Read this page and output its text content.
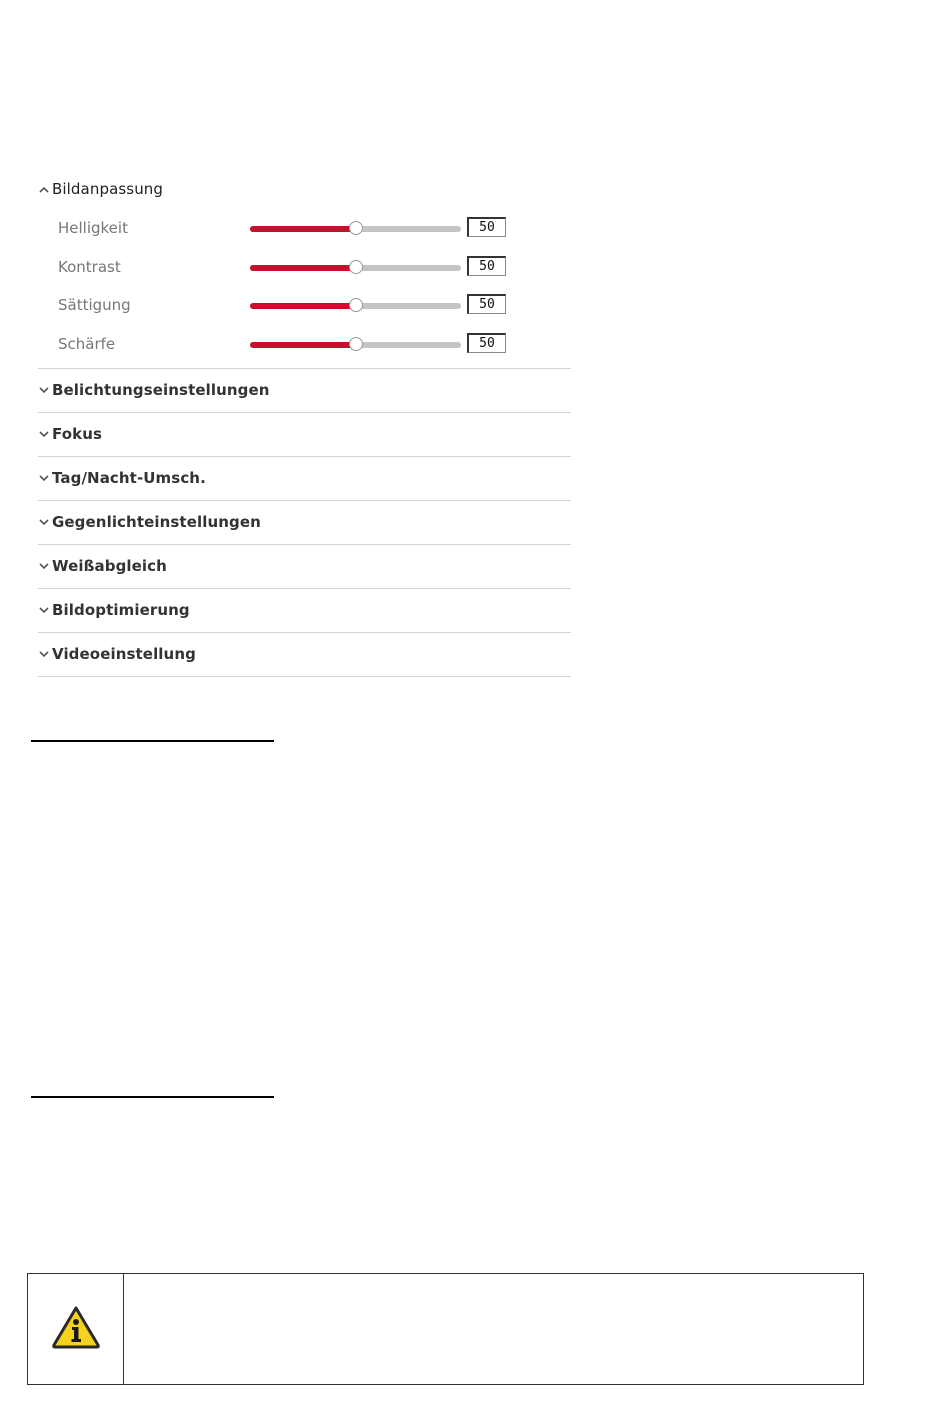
Bildanpassung
Helligkeit
50
Kontrast
50
Sättigung
50
Schärfe
50
Belichtungseinstellungen
Fokus
Tag/Nacht-Umsch.
Gegenlichteinstellungen
Weißabgleich
Bildoptimierung
Videoeinstellung
